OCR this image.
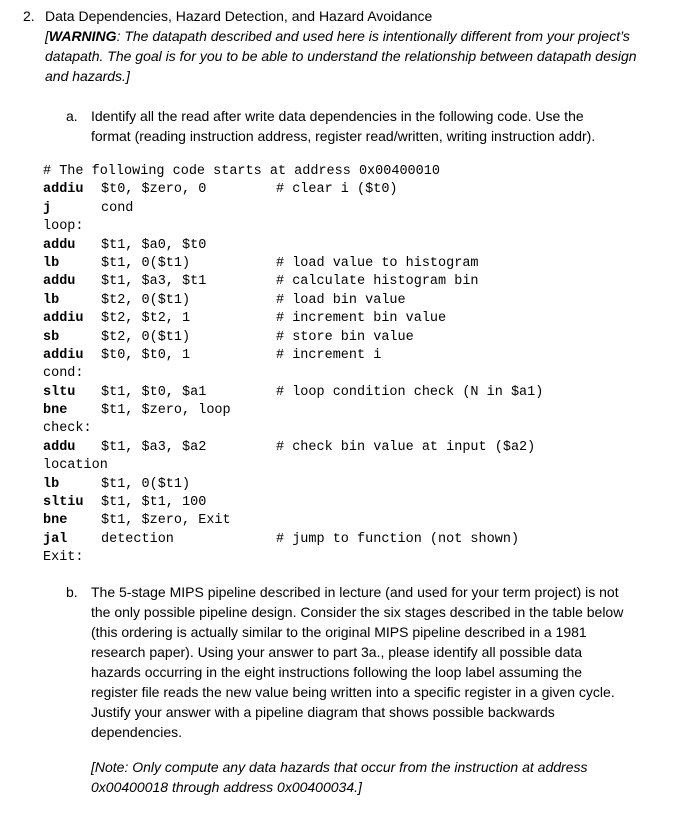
2. Data Dependencies, Hazard Detection, and Hazard Avoidance
[WARNING: The datapath described and used here is intentionally different from your project’s datapath. The goal is for you to be able to understand the relationship between datapath design and hazards.]
a. Identify all the read after write data dependencies in the following code. Use the format (reading instruction address, register read/written, writing instruction addr).
# The following code starts at address 0x00400010
addiu $t0, $zero, 0	# clear i ($t0)
j	cond
loop:
addu $t1, $a0, $t0
lb	$t1, 0($t1)	# load value to histogram
addu $t1, $a3, $t1	# calculate histogram bin
lb	$t2, 0($t1)	# load bin value
addiu $t2, $t2, 1	# increment bin value
sb	$t2, 0($t1)	# store bin value
addiu $t0, $t0, 1	# increment i
cond:
sltu $t1, $t0, $a1	# loop condition check (N in $a1)
bne $t1, $zero, loop
check:
addu $t1, $a3, $a2	# check bin value at input ($a2)
location
lb	$t1, 0($t1)
sltiu $t1, $t1, 100
bne $t1, $zero, Exit
jal detection	# jump to function (not shown)
Exit:
b. The 5-stage MIPS pipeline described in lecture (and used for your term project) is not the only possible pipeline design. Consider the six stages described in the table below (this ordering is actually similar to the original MIPS pipeline described in a 1981 research paper). Using your answer to part 3a., please identify all possible data hazards occurring in the eight instructions following the loop label assuming the register file reads the new value being written into a specific register in a given cycle. Justify your answer with a pipeline diagram that shows possible backwards dependencies.
[Note: Only compute any data hazards that occur from the instruction at address 0x00400018 through address 0x00400034.]
